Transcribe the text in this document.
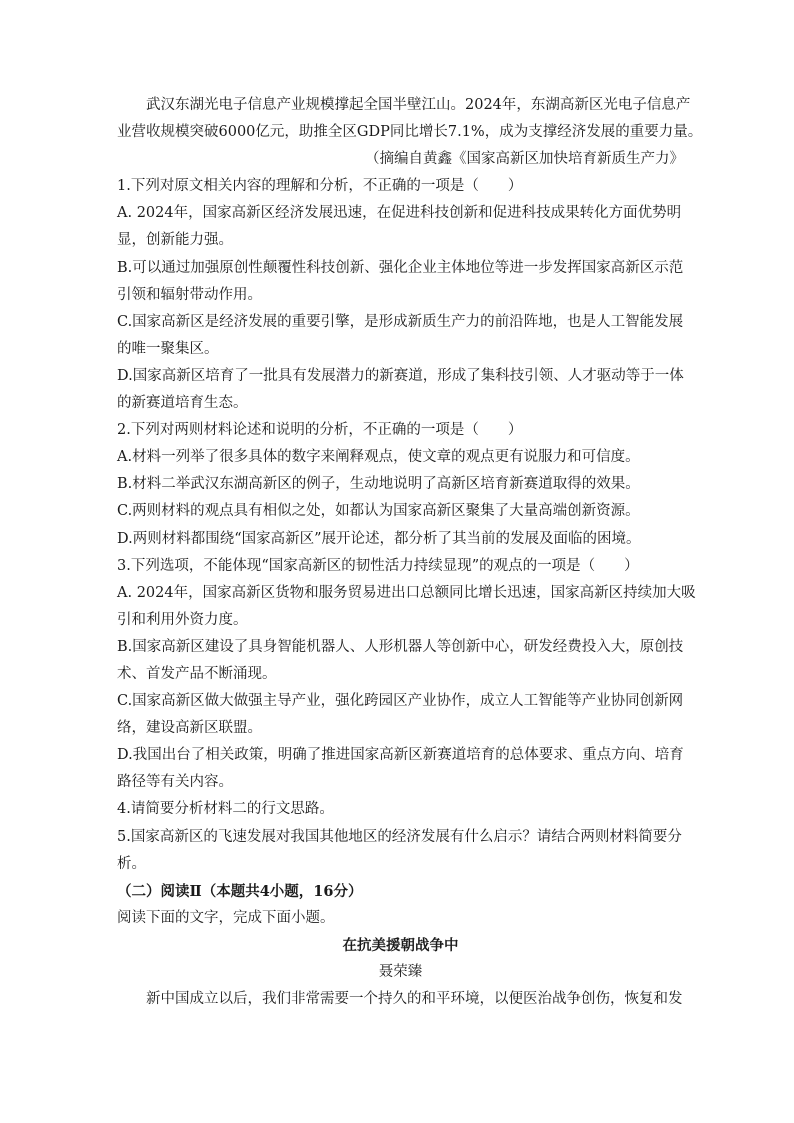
武汉东湖光电子信息产业规模撑起全国半壁江山。2024年，东湖高新区光电子信息产
业营收规模突破6000亿元，助推全区GDP同比增长7.1%，成为支撑经济发展的重要力量。
（摘编自黄鑫《国家高新区加快培育新质生产力》
1.下列对原文相关内容的理解和分析，不正确的一项是（　　）
A. 2024年，国家高新区经济发展迅速，在促进科技创新和促进科技成果转化方面优势明
显，创新能力强。
B.可以通过加强原创性颠覆性科技创新、强化企业主体地位等进一步发挥国家高新区示范
引领和辐射带动作用。
C.国家高新区是经济发展的重要引擎，是形成新质生产力的前沿阵地，也是人工智能发展
的唯一聚集区。
D.国家高新区培育了一批具有发展潜力的新赛道，形成了集科技引领、人才驱动等于一体
的新赛道培育生态。
2.下列对两则材料论述和说明的分析，不正确的一项是（　　）
A.材料一列举了很多具体的数字来阐释观点，使文章的观点更有说服力和可信度。
B.材料二举武汉东湖高新区的例子，生动地说明了高新区培育新赛道取得的效果。
C.两则材料的观点具有相似之处，如都认为国家高新区聚集了大量高端创新资源。
D.两则材料都围绕“国家高新区”展开论述，都分析了其当前的发展及面临的困境。
3.下列选项，不能体现“国家高新区的韧性活力持续显现”的观点的一项是（　　）
A. 2024年，国家高新区货物和服务贸易进出口总额同比增长迅速，国家高新区持续加大吸
引和利用外资力度。
B.国家高新区建设了具身智能机器人、人形机器人等创新中心，研发经费投入大，原创技
术、首发产品不断涌现。
C.国家高新区做大做强主导产业，强化跨园区产业协作，成立人工智能等产业协同创新网
络，建设高新区联盟。
D.我国出台了相关政策，明确了推进国家高新区新赛道培育的总体要求、重点方向、培育
路径等有关内容。
4.请简要分析材料二的行文思路。
5.国家高新区的飞速发展对我国其他地区的经济发展有什么启示？请结合两则材料简要分
析。
（二）阅读Ⅱ（本题共4小题，16分）
阅读下面的文字，完成下面小题。
在抗美援朝战争中
聂荣臻
新中国成立以后，我们非常需要一个持久的和平环境，以便医治战争创伤，恢复和发
